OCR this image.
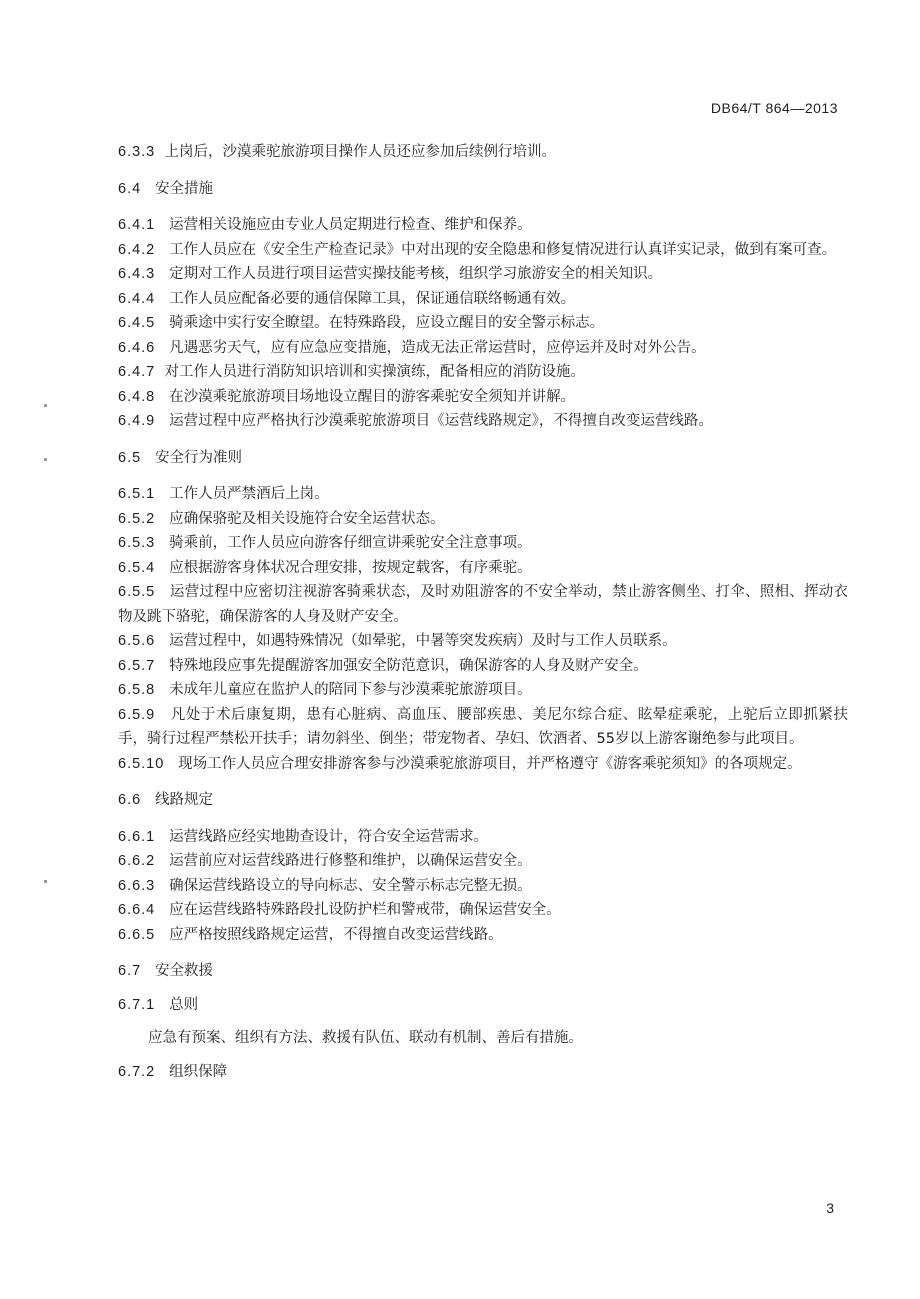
DB64/T 864—2013
6.3.3 上岗后，沙漠乘驼旅游项目操作人员还应参加后续例行培训。
6.4 安全措施
6.4.1 运营相关设施应由专业人员定期进行检查、维护和保养。
6.4.2 工作人员应在《安全生产检查记录》中对出现的安全隐患和修复情况进行认真详实记录，做到有案可查。
6.4.3 定期对工作人员进行项目运营实操技能考核，组织学习旅游安全的相关知识。
6.4.4 工作人员应配备必要的通信保障工具，保证通信联络畅通有效。
6.4.5 骑乘途中实行安全瞭望。在特殊路段，应设立醒目的安全警示标志。
6.4.6 凡遇恶劣天气，应有应急应变措施，造成无法正常运营时，应停运并及时对外公告。
6.4.7 对工作人员进行消防知识培训和实操演练，配备相应的消防设施。
6.4.8 在沙漠乘驼旅游项目场地设立醒目的游客乘驼安全须知并讲解。
6.4.9 运营过程中应严格执行沙漠乘驼旅游项目《运营线路规定》，不得擅自改变运营线路。
6.5 安全行为准则
6.5.1 工作人员严禁酒后上岗。
6.5.2 应确保骆驼及相关设施符合安全运营状态。
6.5.3 骑乘前，工作人员应向游客仔细宣讲乘驼安全注意事项。
6.5.4 应根据游客身体状况合理安排，按规定载客，有序乘驼。
6.5.5 运营过程中应密切注视游客骑乘状态，及时劝阻游客的不安全举动，禁止游客侧坐、打伞、照相、挥动衣物及跳下骆驼，确保游客的人身及财产安全。
6.5.6 运营过程中，如遇特殊情况（如晕驼，中暑等突发疾病）及时与工作人员联系。
6.5.7 特殊地段应事先提醒游客加强安全防范意识，确保游客的人身及财产安全。
6.5.8 未成年儿童应在监护人的陪同下参与沙漠乘驼旅游项目。
6.5.9 凡处于术后康复期，患有心脏病、高血压、腰部疾患、美尼尔综合症、眩晕症乘驼，上驼后立即抓紧扶手，骑行过程严禁松开扶手；请勿斜坐、倒坐；带宠物者、孕妇、饮酒者、55岁以上游客谢绝参与此项目。
6.5.10 现场工作人员应合理安排游客参与沙漠乘驼旅游项目，并严格遵守《游客乘驼须知》的各项规定。
6.6 线路规定
6.6.1 运营线路应经实地勘查设计，符合安全运营需求。
6.6.2 运营前应对运营线路进行修整和维护，以确保运营安全。
6.6.3 确保运营线路设立的导向标志、安全警示标志完整无损。
6.6.4 应在运营线路特殊路段扎设防护栏和警戒带，确保运营安全。
6.6.5 应严格按照线路规定运营，不得擅自改变运营线路。
6.7 安全救援
6.7.1 总则
应急有预案、组织有方法、救援有队伍、联动有机制、善后有措施。
6.7.2 组织保障
3
